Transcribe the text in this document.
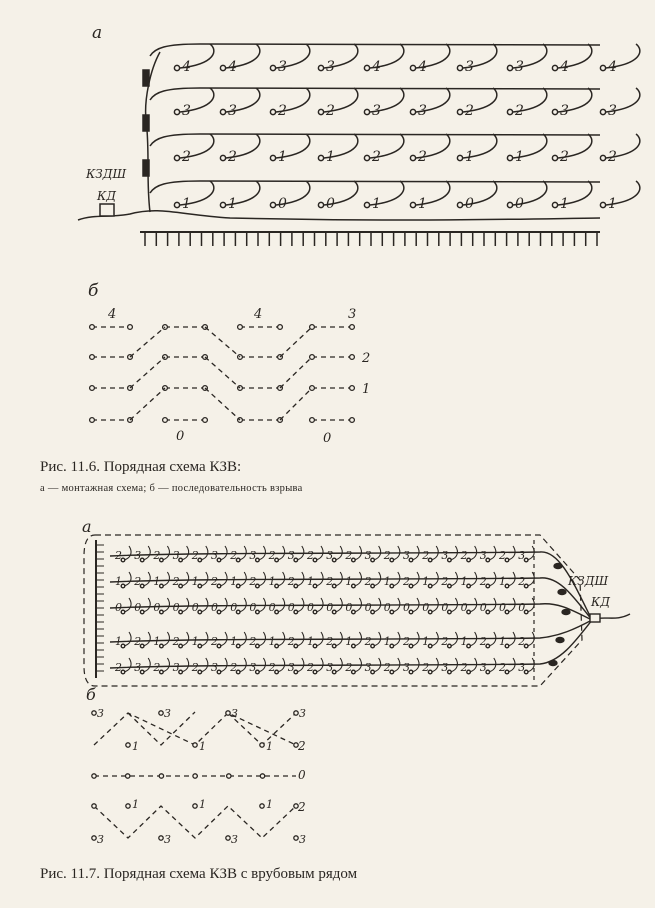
4	4	3	3	4	4	3	3	4	4
3	3	2	2	3	3	2	2	3	3
2	2	1	1	2	2	1	1	2	2
1	1	0	0	1	1	0	0	1	1
4	4	3
2
1
0	0
2 3 2 3 2 3 2 3 2 3 2 3 2 3 2 3 2 3 2 3 2 3
1 2 1 2 1 2 1 2 1 2 1 2 1 2 1 2 1 2 1 2 1 2
0 0 0 0 0 0 0 0 0 0 0 0 0 0 0 0 0 0 0 0 0 0
1 2 1 2 1 2 1 2 1 2 1 2 1 2 1 2 1 2 1 2 1 2
2 3 2 3 2 3 2 3 2 3 2 3 2 3 2 3 2 3 2 3 2 3
3	3	3	3
1	1	1
1	1	1
3	3	3	3
а
КЗДШ
КД
б
а
КЗДШ
КД
б
0
2
2
Рис. 11.6. Порядная схема КЗВ:
а — монтажная схема; б — последовательность взрыва
Рис. 11.7. Порядная схема КЗВ с врубовым рядом
